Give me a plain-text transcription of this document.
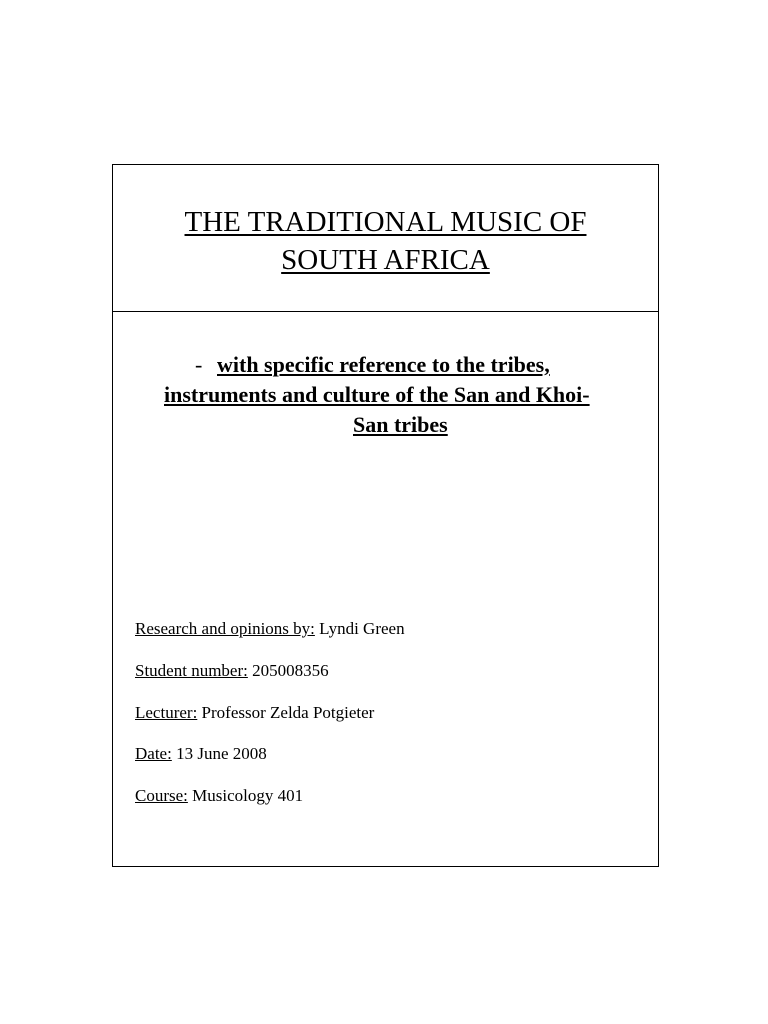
THE TRADITIONAL MUSIC OF
SOUTH AFRICA
- with specific reference to the tribes,
instruments and culture of the San and Khoi-
San tribes
Research and opinions by: Lyndi Green
Student number: 205008356
Lecturer: Professor Zelda Potgieter
Date: 13 June 2008
Course: Musicology 401
